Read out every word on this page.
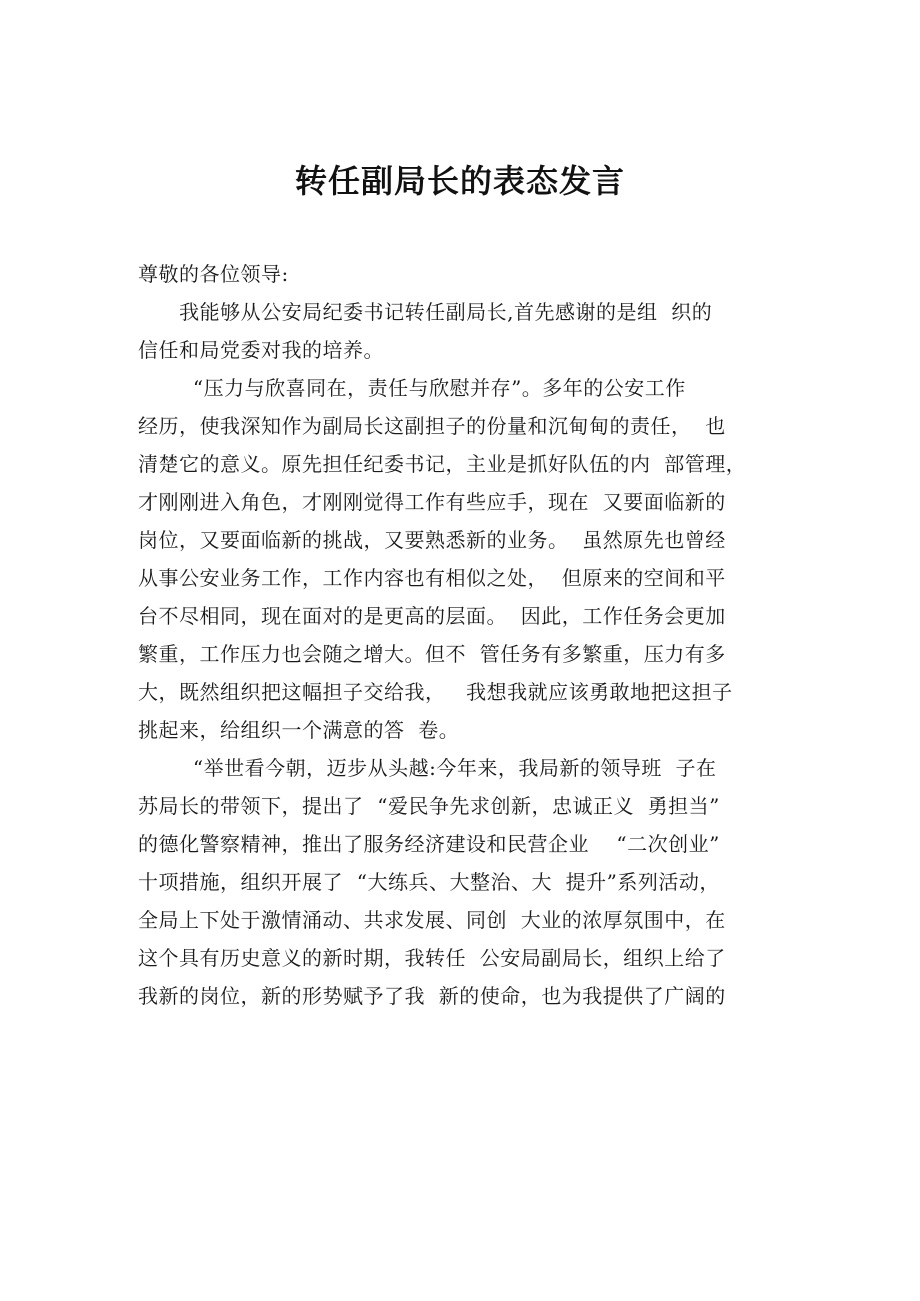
转任副局长的表态发言
尊敬的各位领导:
我能够从公安局纪委书记转任副局长,首先感谢的是组  织的
信任和局党委对我的培养。
“压力与欣喜同在，责任与欣慰并存”。多年的公安工作
经历，使我深知作为副局长这副担子的份量和沉甸甸的责任，  也
清楚它的意义。原先担任纪委书记，主业是抓好队伍的内  部管理，
才刚刚进入角色，才刚刚觉得工作有些应手，现在  又要面临新的
岗位，又要面临新的挑战，又要熟悉新的业务。  虽然原先也曾经
从事公安业务工作，工作内容也有相似之处，  但原来的空间和平
台不尽相同，现在面对的是更高的层面。  因此，工作任务会更加
繁重，工作压力也会随之增大。但不  管任务有多繁重，压力有多
大，既然组织把这幅担子交给我，   我想我就应该勇敢地把这担子
挑起来，给组织一个满意的答  卷。
“举世看今朝，迈步从头越:今年来，我局新的领导班  子在
苏局长的带领下，提出了  “爱民争先求创新，忠诚正义  勇担当”
的德化警察精神，推出了服务经济建设和民营企业    “二次创业”
十项措施，组织开展了  “大练兵、大整治、大  提升”系列活动，
全局上下处于激情涌动、共求发展、同创  大业的浓厚氛围中，在
这个具有历史意义的新时期，我转任  公安局副局长，组织上给了
我新的岗位，新的形势赋予了我  新的使命，也为我提供了广阔的
